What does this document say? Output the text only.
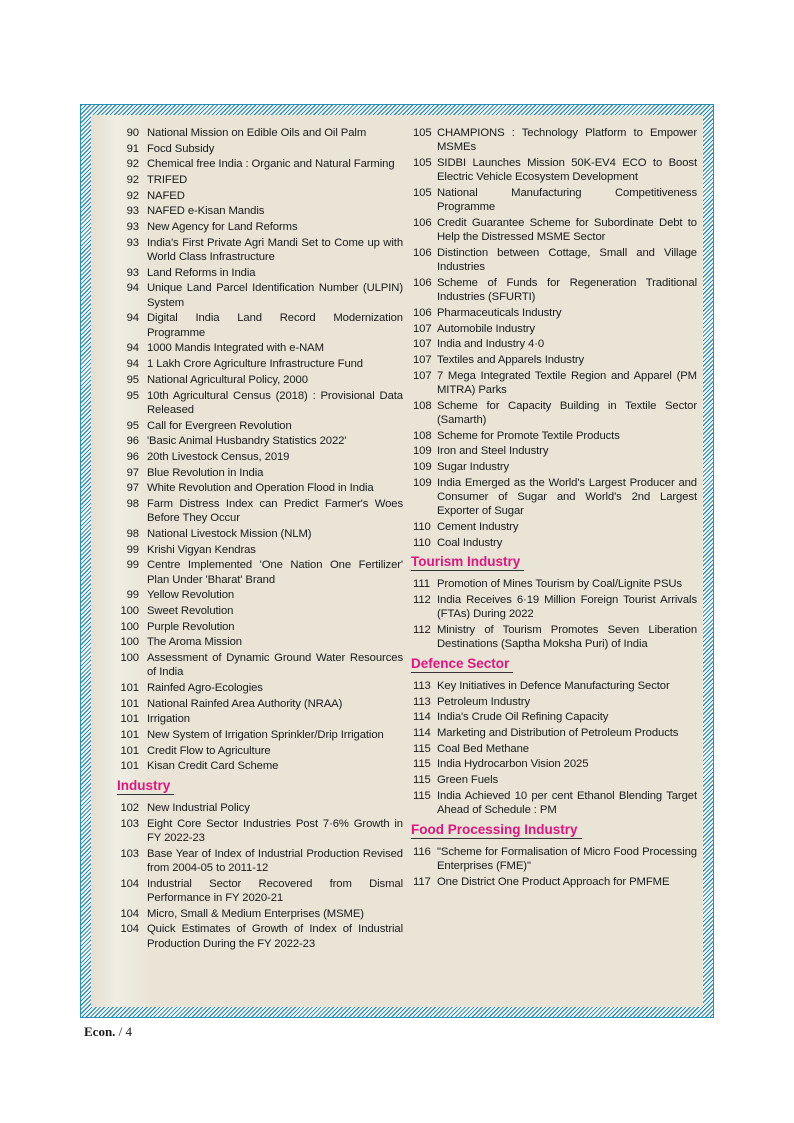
90 National Mission on Edible Oils and Oil Palm
91 Focd Subsidy
92 Chemical free India : Organic and Natural Farming
92 TRIFED
92 NAFED
93 NAFED e-Kisan Mandis
93 New Agency for Land Reforms
93 India's First Private Agri Mandi Set to Come up with World Class Infrastructure
93 Land Reforms in India
94 Unique Land Parcel Identification Number (ULPIN) System
94 Digital India Land Record Modernization Programme
94 1000 Mandis Integrated with e-NAM
94 1 Lakh Crore Agriculture Infrastructure Fund
95 National Agricultural Policy, 2000
95 10th Agricultural Census (2018) : Provisional Data Released
95 Call for Evergreen Revolution
96 'Basic Animal Husbandry Statistics 2022'
96 20th Livestock Census, 2019
97 Blue Revolution in India
97 White Revolution and Operation Flood in India
98 Farm Distress Index can Predict Farmer's Woes Before They Occur
98 National Livestock Mission (NLM)
99 Krishi Vigyan Kendras
99 Centre Implemented 'One Nation One Fertilizer' Plan Under 'Bharat' Brand
99 Yellow Revolution
100 Sweet Revolution
100 Purple Revolution
100 The Aroma Mission
100 Assessment of Dynamic Ground Water Resources of India
101 Rainfed Agro-Ecologies
101 National Rainfed Area Authority (NRAA)
101 Irrigation
101 New System of Irrigation Sprinkler/Drip Irrigation
101 Credit Flow to Agriculture
101 Kisan Credit Card Scheme
Industry
102 New Industrial Policy
103 Eight Core Sector Industries Post 7·6% Growth in FY 2022-23
103 Base Year of Index of Industrial Production Revised from 2004-05 to 2011-12
104 Industrial Sector Recovered from Dismal Performance in FY 2020-21
104 Micro, Small & Medium Enterprises (MSME)
104 Quick Estimates of Growth of Index of Industrial Production During the FY 2022-23
105 CHAMPIONS : Technology Platform to Empower MSMEs
105 SIDBI Launches Mission 50K-EV4 ECO to Boost Electric Vehicle Ecosystem Development
105 National Manufacturing Competitiveness Programme
106 Credit Guarantee Scheme for Subordinate Debt to Help the Distressed MSME Sector
106 Distinction between Cottage, Small and Village Industries
106 Scheme of Funds for Regeneration Traditional Industries (SFURTI)
106 Pharmaceuticals Industry
107 Automobile Industry
107 India and Industry 4·0
107 Textiles and Apparels Industry
107 7 Mega Integrated Textile Region and Apparel (PM MITRA) Parks
108 Scheme for Capacity Building in Textile Sector (Samarth)
108 Scheme for Promote Textile Products
109 Iron and Steel Industry
109 Sugar Industry
109 India Emerged as the World's Largest Producer and Consumer of Sugar and World's 2nd Largest Exporter of Sugar
110 Cement Industry
110 Coal Industry
Tourism Industry
111 Promotion of Mines Tourism by Coal/Lignite PSUs
112 India Receives 6·19 Million Foreign Tourist Arrivals (FTAs) During 2022
112 Ministry of Tourism Promotes Seven Liberation Destinations (Saptha Moksha Puri) of India
Defence Sector
113 Key Initiatives in Defence Manufacturing Sector
113 Petroleum Industry
114 India's Crude Oil Refining Capacity
114 Marketing and Distribution of Petroleum Products
115 Coal Bed Methane
115 India Hydrocarbon Vision 2025
115 Green Fuels
115 India Achieved 10 per cent Ethanol Blending Target Ahead of Schedule : PM
Food Processing Industry
116 "Scheme for Formalisation of Micro Food Processing Enterprises (FME)"
117 One District One Product Approach for PMFME
Econ. / 4
